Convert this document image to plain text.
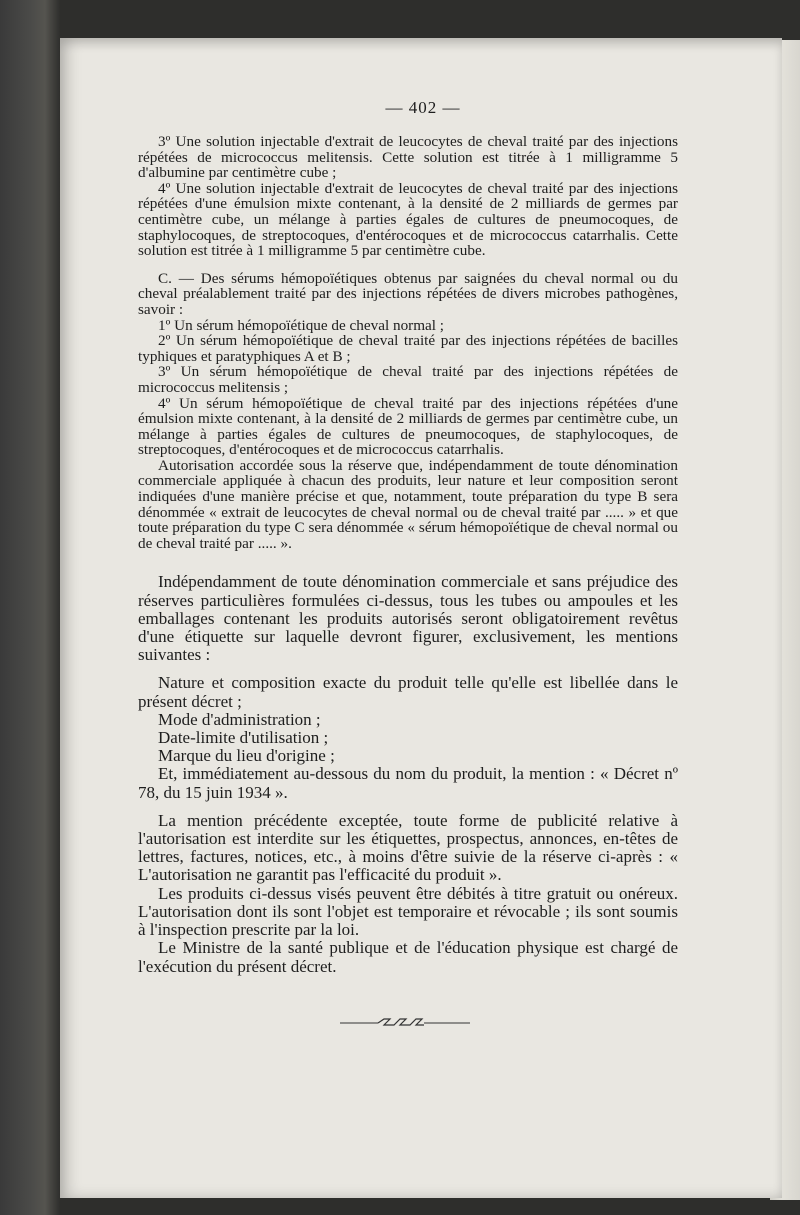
— 402 —

3º Une solution injectable d'extrait de leucocytes de cheval traité par des injections répétées de micrococcus melitensis. Cette solution est titrée à 1 milligramme 5 d'albumine par centimètre cube ;

4º Une solution injectable d'extrait de leucocytes de cheval traité par des injections répétées d'une émulsion mixte contenant, à la densité de 2 milliards de germes par centimètre cube, un mélange à parties égales de cultures de pneumocoques, de staphylocoques, de streptocoques, d'entérocoques et de micrococcus catarrhalis. Cette solution est titrée à 1 milligramme 5 par centimètre cube.

C. — Des sérums hémopoïétiques obtenus par saignées du cheval normal ou du cheval préalablement traité par des injections répétées de divers microbes pathogènes, savoir :

1º Un sérum hémopoïétique de cheval normal ;

2º Un sérum hémopoïétique de cheval traité par des injections répétées de bacilles typhiques et paratyphiques A et B ;

3º Un sérum hémopoïétique de cheval traité par des injections répétées de micrococcus melitensis ;

4º Un sérum hémopoïétique de cheval traité par des injections répétées d'une émulsion mixte contenant, à la densité de 2 milliards de germes par centimètre cube, un mélange à parties égales de cultures de pneumocoques, de staphylocoques, de streptocoques, d'entérocoques et de micrococcus catarrhalis.

Autorisation accordée sous la réserve que, indépendamment de toute dénomination commerciale appliquée à chacun des produits, leur nature et leur composition seront indiquées d'une manière précise et que, notamment, toute préparation du type B sera dénommée « extrait de leucocytes de cheval normal ou de cheval traité par ..... » et que toute préparation du type C sera dénommée « sérum hémopoïétique de cheval normal ou de cheval traité par ..... ».

Indépendamment de toute dénomination commerciale et sans préjudice des réserves particulières formulées ci-dessus, tous les tubes ou ampoules et les emballages contenant les produits autorisés seront obligatoirement revêtus d'une étiquette sur laquelle devront figurer, exclusivement, les mentions suivantes :

Nature et composition exacte du produit telle qu'elle est libellée dans le présent décret ;

Mode d'administration ;

Date-limite d'utilisation ;

Marque du lieu d'origine ;

Et, immédiatement au-dessous du nom du produit, la mention : « Décret nº 78, du 15 juin 1934 ».

La mention précédente exceptée, toute forme de publicité relative à l'autorisation est interdite sur les étiquettes, prospectus, annonces, en-têtes de lettres, factures, notices, etc., à moins d'être suivie de la réserve ci-après : « L'autorisation ne garantit pas l'efficacité du produit ».

Les produits ci-dessus visés peuvent être débités à titre gratuit ou onéreux. L'autorisation dont ils sont l'objet est temporaire et révocable ; ils sont soumis à l'inspection prescrite par la loi.

Le Ministre de la santé publique et de l'éducation physique est chargé de l'exécution du présent décret.
